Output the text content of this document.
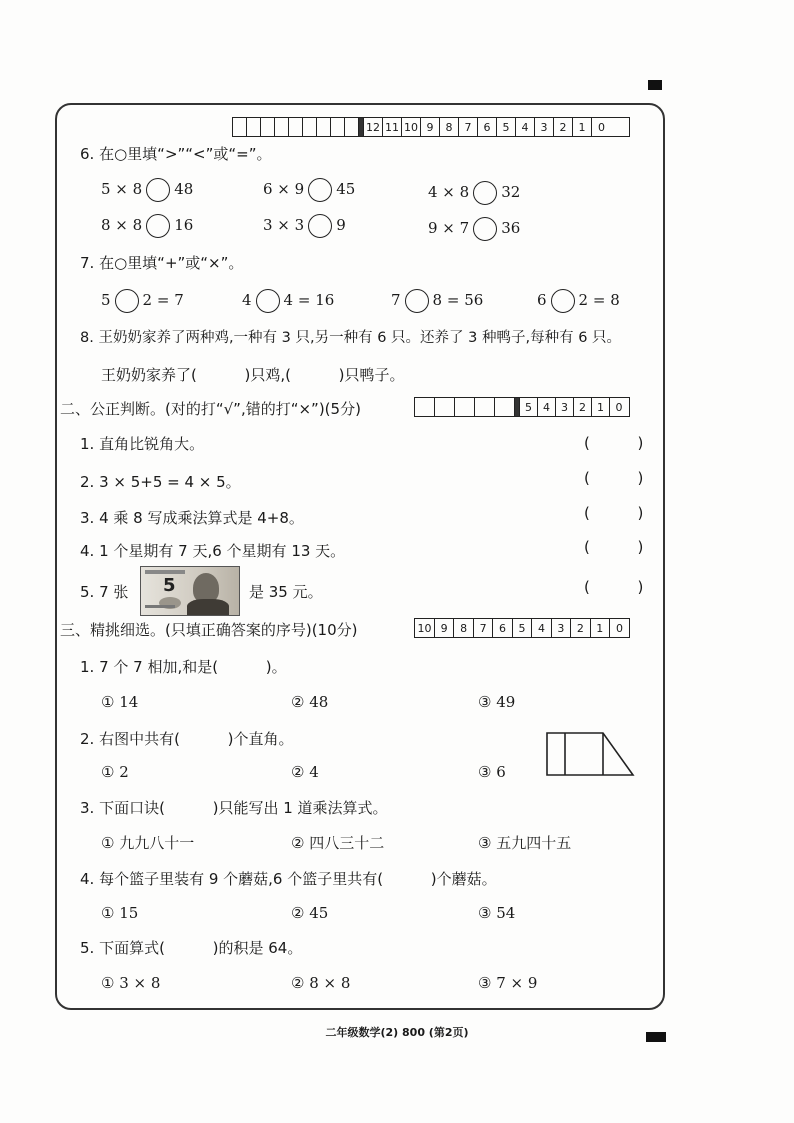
12 11 10 9	8	7	6	5	4	3	2	1	0
6. 在○里填“>”“<”或“=”。
5 × 8 48	6 × 9 45	4 × 8 32
8 × 8 16	3 × 3 9	9 × 7 36
7. 在○里填“+”或“×”。
5 2 = 7	4 4 = 16	7 8 = 56	6 2 = 8
8. 王奶奶家养了两种鸡,一种有 3 只,另一种有 6 只。还养了 3 种鸭子,每种有 6 只。
王奶奶家养了(          )只鸡,(          )只鸭子。
二、公正判断。(对的打“√”,错的打“×”)(5分)	5	4	3	2	1	0
1. 直角比锐角大。	(          )
2. 3 × 5+5 = 4 × 5。	(          )
3. 4 乘 8 写成乘法算式是 4+8。	(          )
4. 1 个星期有 7 天,6 个星期有 13 天。	(          )
5. 7 张 5	是 35 元。	(          )
三、精挑细选。(只填正确答案的序号)(10分)	10 9	8	7	6	5	4	3	2	1	0
1. 7 个 7 相加,和是(          )。
① 14	② 48	③ 49
2. 右图中共有(          )个直角。
① 2	② 4	③ 6
3. 下面口诀(          )只能写出 1 道乘法算式。
① 九九八十一	② 四八三十二	③ 五九四十五
4. 每个篮子里装有 9 个蘑菇,6 个篮子里共有(          )个蘑菇。
① 15	② 45	③ 54
5. 下面算式(          )的积是 64。
① 3 × 8	② 8 × 8	③ 7 × 9
二年级数学(2) 800 (第2页)
